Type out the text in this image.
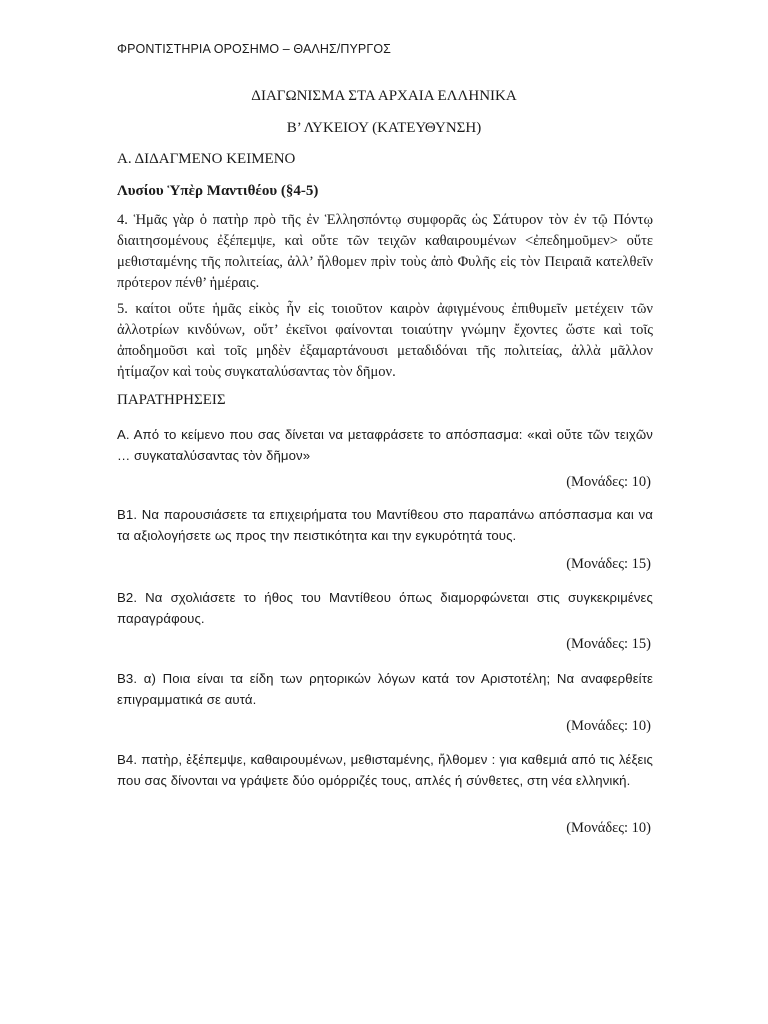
ΦΡΟΝΤΙΣΤΗΡΙΑ ΟΡΟΣΗΜΟ – ΘΑΛΗΣ/ΠΥΡΓΟΣ
ΔΙΑΓΩΝΙΣΜΑ ΣΤΑ ΑΡΧΑΙΑ ΕΛΛΗΝΙΚΑ
Β’ ΛΥΚΕΙΟΥ (ΚΑΤΕΥΘΥΝΣΗ)
Α. ΔΙΔΑΓΜΕΝΟ ΚΕΙΜΕΝΟ
Λυσίου Ὑπὲρ Μαντιθέου (§4-5)
4. Ἡμᾶς γὰρ ὁ πατὴρ πρὸ τῆς ἐν Ἑλλησπόντῳ συμφορᾶς ὡς Σάτυρον τὸν ἐν τῷ Πόντῳ διαιτησομένους ἐξέπεμψε, καὶ οὔτε τῶν τειχῶν καθαιρουμένων <ἐπεδημοῦμεν> οὔτε μεθισταμένης τῆς πολιτείας, ἀλλ’ ἤλθομεν πρὶν τοὺς ἀπὸ Φυλῆς εἰς τὸν Πειραιᾶ κατελθεῖν πρότερον πένθ’ ἡμέραις.
5. καίτοι οὔτε ἡμᾶς εἰκὸς ἦν εἰς τοιοῦτον καιρὸν ἀφιγμένους ἐπιθυμεῖν μετέχειν τῶν ἀλλοτρίων κινδύνων, οὔτ’ ἐκεῖνοι φαίνονται τοιαύτην γνώμην ἔχοντες ὥστε καὶ τοῖς ἀποδημοῦσι καὶ τοῖς μηδὲν ἐξαμαρτάνουσι μεταδιδόναι τῆς πολιτείας, ἀλλὰ μᾶλλον ἠτίμαζον καὶ τοὺς συγκαταλύσαντας τὸν δῆμον.
ΠΑΡΑΤΗΡΗΣΕΙΣ
Α. Από το κείμενο που σας δίνεται να μεταφράσετε το απόσπασμα: «καὶ οὔτε τῶν τειχῶν … συγκαταλύσαντας τὸν δῆμον»
(Μονάδες: 10)
Β1. Να παρουσιάσετε τα επιχειρήματα του Μαντίθεου στο παραπάνω απόσπασμα και να τα αξιολογήσετε ως προς την πειστικότητα και την εγκυρότητά τους.
(Μονάδες: 15)
Β2. Να σχολιάσετε το ήθος του Μαντίθεου όπως διαμορφώνεται στις συγκεκριμένες παραγράφους.
(Μονάδες: 15)
Β3. α) Ποια είναι τα είδη των ρητορικών λόγων κατά τον Αριστοτέλη; Να αναφερθείτε επιγραμματικά σε αυτά.
(Μονάδες: 10)
Β4. πατὴρ, ἐξέπεμψε, καθαιρουμένων, μεθισταμένης, ἤλθομεν : για καθεμιά από τις λέξεις που σας δίνονται να γράψετε δύο ομόρριζές τους, απλές ή σύνθετες, στη νέα ελληνική.
(Μονάδες: 10)
